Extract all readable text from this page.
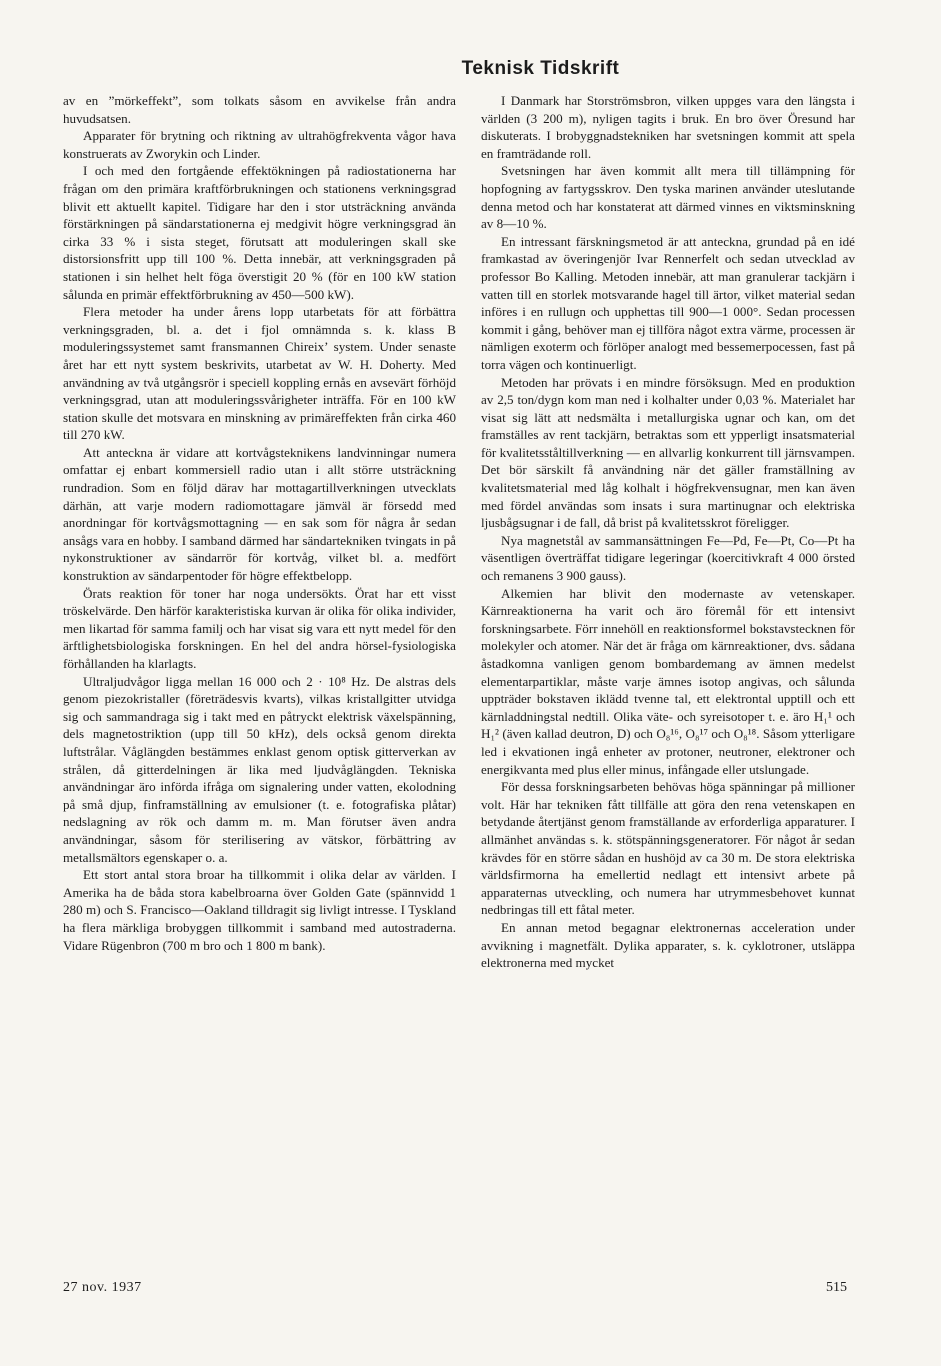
Teknisk Tidskrift

av en ”mörkeffekt”, som tolkats såsom en avvikelse från andra huvudsatsen.

Apparater för brytning och riktning av ultrahögfrekventa vågor hava konstruerats av Zworykin och Linder.

I och med den fortgående effektökningen på radiostationerna har frågan om den primära kraftförbrukningen och stationens verkningsgrad blivit ett aktuellt kapitel. Tidigare har den i stor utsträckning använda förstärkningen på sändarstationerna ej medgivit högre verkningsgrad än cirka 33 % i sista steget, förutsatt att moduleringen skall ske distorsionsfritt upp till 100 %. Detta innebär, att verkningsgraden på stationen i sin helhet helt föga överstigit 20 % (för en 100 kW station sålunda en primär effektförbrukning av 450—500 kW).

Flera metoder ha under årens lopp utarbetats för att förbättra verkningsgraden, bl. a. det i fjol omnämnda s. k. klass B moduleringssystemet samt fransmannen Chireix’ system. Under senaste året har ett nytt system beskrivits, utarbetat av W. H. Doherty. Med användning av två utgångsrör i speciell koppling ernås en avsevärt förhöjd verkningsgrad, utan att moduleringssvårigheter inträffa. För en 100 kW station skulle det motsvara en minskning av primäreffekten från cirka 460 till 270 kW.

Att anteckna är vidare att kortvågsteknikens landvinningar numera omfattar ej enbart kommersiell radio utan i allt större utsträckning rundradion. Som en följd därav har mottagartillverkningen utvecklats därhän, att varje modern radiomottagare jämväl är försedd med anordningar för kortvågsmottagning — en sak som för några år sedan ansågs vara en hobby. I samband därmed har sändartekniken tvingats in på nykonstruktioner av sändarrör för kortvåg, vilket bl. a. medfört konstruktion av sändarpentoder för högre effektbelopp.

Örats reaktion för toner har noga undersökts. Örat har ett visst tröskelvärde. Den härför karakteristiska kurvan är olika för olika individer, men likartad för samma familj och har visat sig vara ett nytt medel för den ärftlighetsbiologiska forskningen. En hel del andra hörsel-fysiologiska förhållanden ha klarlagts.

Ultraljudvågor ligga mellan 16 000 och 2 · 10⁸ Hz. De alstras dels genom piezokristaller (företrädesvis kvarts), vilkas kristallgitter utvidga sig och sammandraga sig i takt med en påtryckt elektrisk växelspänning, dels magnetostriktion (upp till 50 kHz), dels också genom direkta luftstrålar. Våglängden bestämmes enklast genom optisk gitterverkan av strålen, då gitterdelningen är lika med ljudvåglängden. Tekniska användningar äro införda ifråga om signalering under vatten, ekolodning på små djup, finframställning av emulsioner (t. e. fotografiska plåtar) nedslagning av rök och damm m. m. Man förutser även andra användningar, såsom för sterilisering av vätskor, förbättring av metallsmältors egenskaper o. a.

Ett stort antal stora broar ha tillkommit i olika delar av världen. I Amerika ha de båda stora kabelbroarna över Golden Gate (spännvidd 1 280 m) och S. Francisco—Oakland tilldragit sig livligt intresse. I Tyskland ha flera märkliga brobyggen tillkommit i samband med autostraderna. Vidare Rügenbron (700 m bro och 1 800 m bank).

I Danmark har Storströmsbron, vilken uppges vara den längsta i världen (3 200 m), nyligen tagits i bruk. En bro över Öresund har diskuterats. I brobyggnadstekniken har svetsningen kommit att spela en framträdande roll.

Svetsningen har även kommit allt mera till tillämpning för hopfogning av fartygsskrov. Den tyska marinen använder uteslutande denna metod och har konstaterat att därmed vinnes en viktsminskning av 8—10 %.

En intressant färskningsmetod är att anteckna, grundad på en idé framkastad av överingenjör Ivar Rennerfelt och sedan utvecklad av professor Bo Kalling. Metoden innebär, att man granulerar tackjärn i vatten till en storlek motsvarande hagel till ärtor, vilket material sedan införes i en rullugn och upphettas till 900—1 000°. Sedan processen kommit i gång, behöver man ej tillföra något extra värme, processen är nämligen exoterm och förlöper analogt med bessemerpocessen, fast på torra vägen och kontinuerligt.

Metoden har prövats i en mindre försöksugn. Med en produktion av 2,5 ton/dygn kom man ned i kolhalter under 0,03 %. Materialet har visat sig lätt att nedsmälta i metallurgiska ugnar och kan, om det framställes av rent tackjärn, betraktas som ett ypperligt insatsmaterial för kvalitetsståltillverkning — en allvarlig konkurrent till järnsvampen. Det bör särskilt få användning när det gäller framställning av kvalitetsmaterial med låg kolhalt i högfrekvensugnar, men kan även med fördel användas som insats i sura martinugnar och elektriska ljusbågsugnar i de fall, då brist på kvalitetsskrot föreligger.

Nya magnetstål av sammansättningen Fe—Pd, Fe—Pt, Co—Pt ha väsentligen överträffat tidigare legeringar (koercitivkraft 4 000 örsted och remanens 3 900 gauss).

Alkemien har blivit den modernaste av vetenskaper. Kärnreaktionerna ha varit och äro föremål för ett intensivt forskningsarbete. Förr innehöll en reaktionsformel bokstavstecknen för molekyler och atomer. När det är fråga om kärnreaktioner, dvs. sådana åstadkomna vanligen genom bombardemang av ämnen medelst elementarpartiklar, måste varje ämnes isotop angivas, och sålunda uppträder bokstaven iklädd tvenne tal, ett elektrontal upptill och ett kärnladdningstal nedtill. Olika väte- och syreisotoper t. e. äro H₁¹ och H₁² (även kallad deutron, D) och O₈¹⁶, O₈¹⁷ och O₈¹⁸. Såsom ytterligare led i ekvationen ingå enheter av protoner, neutroner, elektroner och energikvanta med plus eller minus, infångade eller utslungade.

För dessa forskningsarbeten behövas höga spänningar på millioner volt. Här har tekniken fått tillfälle att göra den rena vetenskapen en betydande återtjänst genom framställande av erforderliga apparaturer. I allmänhet användas s. k. stötspänningsgeneratorer. För något år sedan krävdes för en större sådan en hushöjd av ca 30 m. De stora elektriska världsfirmorna ha emellertid nedlagt ett intensivt arbete på apparaternas utveckling, och numera har utrymmesbehovet kunnat nedbringas till ett fåtal meter.

En annan metod begagnar elektronernas acceleration under avvikning i magnetfält. Dylika apparater, s. k. cyklotroner, utsläppa elektronerna med mycket

27 nov. 1937	515
